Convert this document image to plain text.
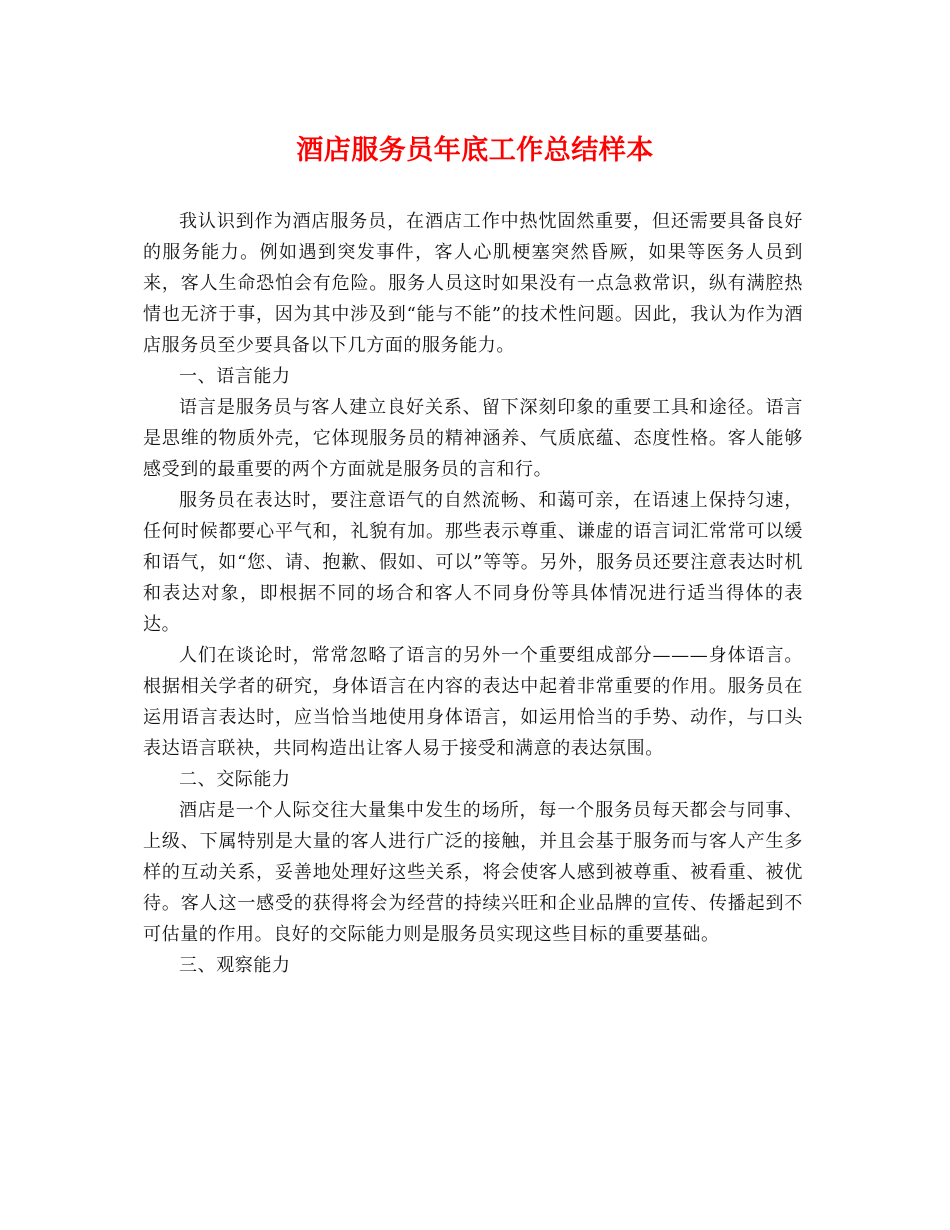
酒店服务员年底工作总结样本

我认识到作为酒店服务员，在酒店工作中热忱固然重要，但还需要具备良好的服务能力。例如遇到突发事件，客人心肌梗塞突然昏厥，如果等医务人员到来，客人生命恐怕会有危险。服务人员这时如果没有一点急救常识，纵有满腔热情也无济于事，因为其中涉及到“能与不能”的技术性问题。因此，我认为作为酒店服务员至少要具备以下几方面的服务能力。

一、语言能力

语言是服务员与客人建立良好关系、留下深刻印象的重要工具和途径。语言是思维的物质外壳，它体现服务员的精神涵养、气质底蕴、态度性格。客人能够感受到的最重要的两个方面就是服务员的言和行。

服务员在表达时，要注意语气的自然流畅、和蔼可亲，在语速上保持匀速，任何时候都要心平气和，礼貌有加。那些表示尊重、谦虚的语言词汇常常可以缓和语气，如“您、请、抱歉、假如、可以”等等。另外，服务员还要注意表达时机和表达对象，即根据不同的场合和客人不同身份等具体情况进行适当得体的表达。

人们在谈论时，常常忽略了语言的另外一个重要组成部分———身体语言。根据相关学者的研究，身体语言在内容的表达中起着非常重要的作用。服务员在运用语言表达时，应当恰当地使用身体语言，如运用恰当的手势、动作，与口头表达语言联袂，共同构造出让客人易于接受和满意的表达氛围。

二、交际能力

酒店是一个人际交往大量集中发生的场所，每一个服务员每天都会与同事、上级、下属特别是大量的客人进行广泛的接触，并且会基于服务而与客人产生多样的互动关系，妥善地处理好这些关系，将会使客人感到被尊重、被看重、被优待。客人这一感受的获得将会为经营的持续兴旺和企业品牌的宣传、传播起到不可估量的作用。良好的交际能力则是服务员实现这些目标的重要基础。

三、观察能力
